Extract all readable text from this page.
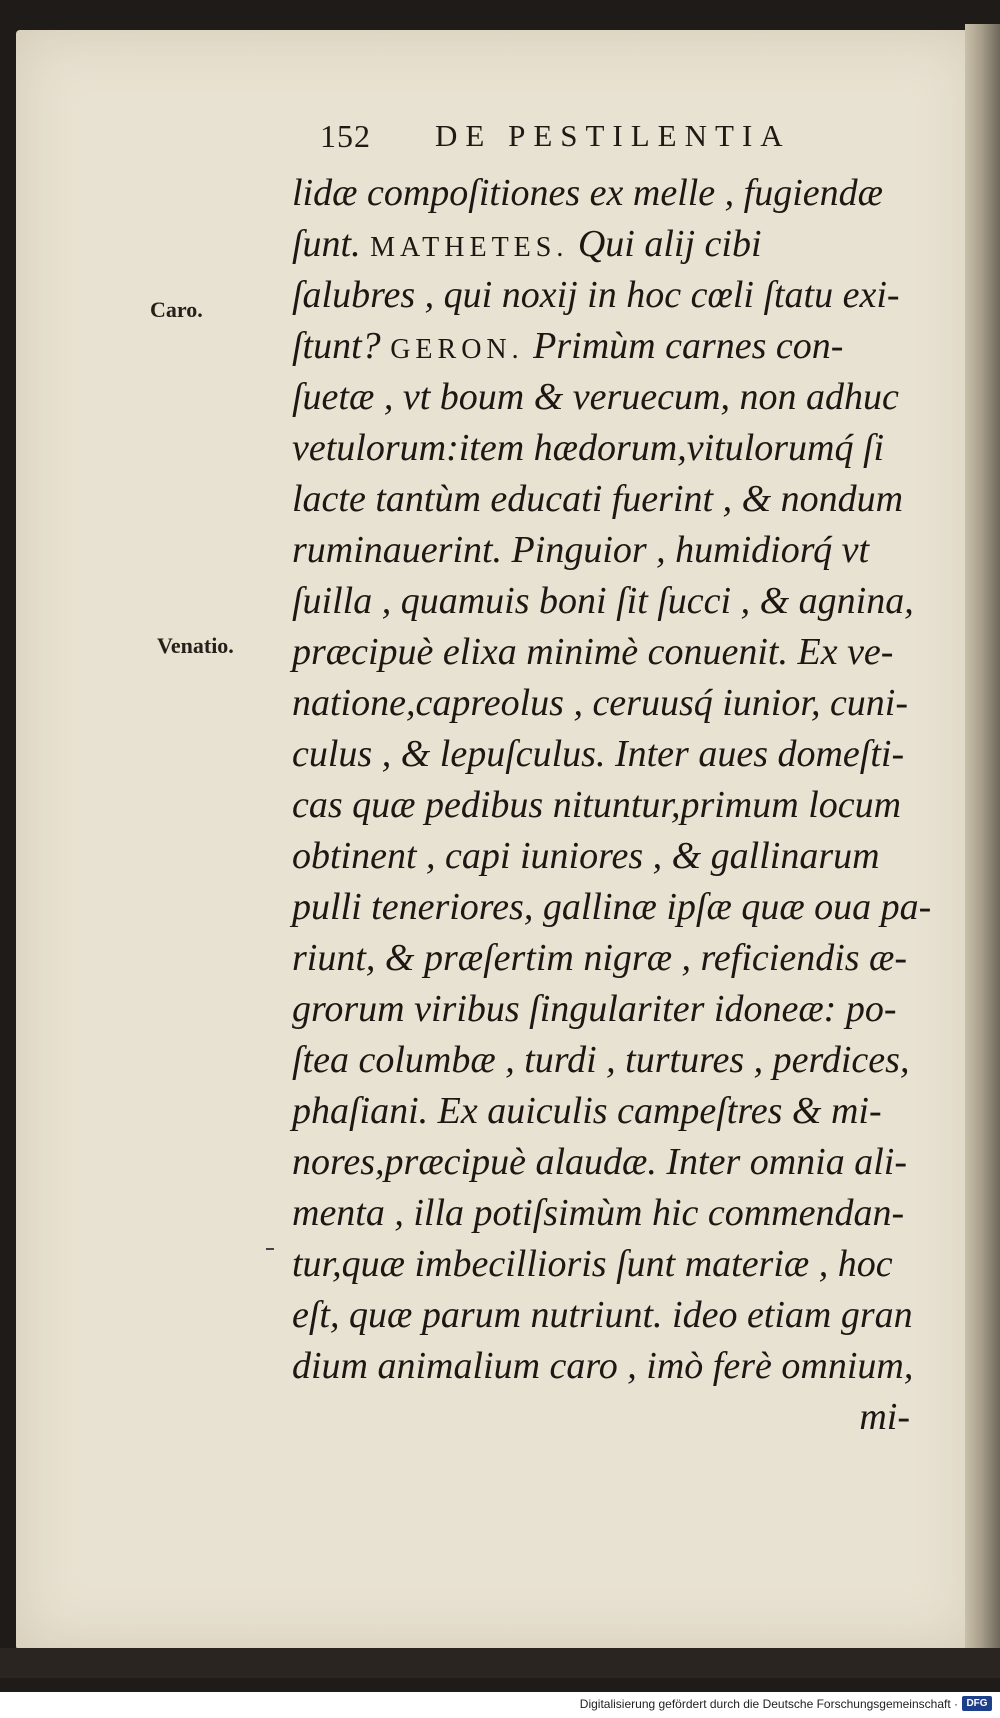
152 DE PESTILENTIA
Caro.
Venatio.
lidæ compoſitiones ex melle , fugiendæ
ſunt. MATHETES. Qui alij cibi
ſalubres , qui noxij in hoc cœli ſtatu exi-
ſtunt? GERON. Primùm carnes con-
ſuetæ , vt boum & veruecum, non adhuc
vetulorum:item hædorum,vitulorumq́ ſi
lacte tantùm educati fuerint , & nondum
ruminauerint. Pinguior , humidiorq́ vt
ſuilla , quamuis boni ſit ſucci , & agnina,
præcipuè elixa minimè conuenit. Ex ve-
natione,capreolus , ceruusq́ iunior, cuni-
culus , & lepuſculus. Inter aues domeſti-
cas quæ pedibus nituntur,primum locum
obtinent , capi iuniores , & gallinarum
pulli teneriores, gallinæ ipſæ quæ oua pa-
riunt, & præſertim nigræ , reficiendis æ-
grorum viribus ſingulariter idoneæ: po-
ſtea columbæ , turdi , turtures , perdices,
phaſiani. Ex auiculis campeſtres & mi-
nores,præcipuè alaudæ. Inter omnia ali-
menta , illa potiſsimùm hic commendan-
tur,quæ imbecillioris ſunt materiæ , hoc
eſt, quæ parum nutriunt. ideo etiam gran
dium animalium caro , imò ferè omnium,
mi-
Digitalisierung gefördert durch die Deutsche Forschungsgemeinschaft · DFG
